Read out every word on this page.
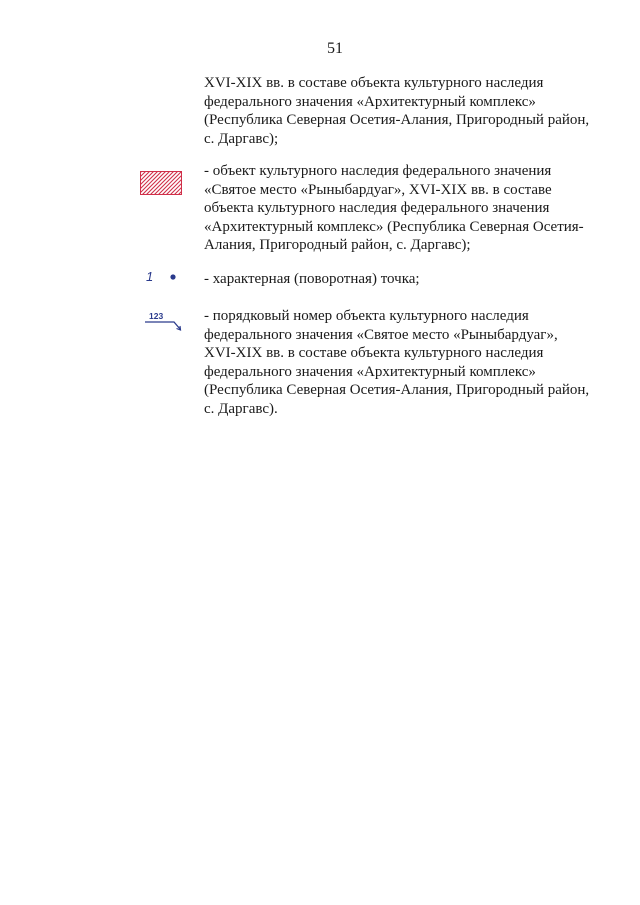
51
XVI-XIX вв. в составе объекта культурного наследия
федерального значения «Архитектурный комплекс»
(Республика Северная Осетия-Алания, Пригородный район,
с. Даргавс);
- объект культурного наследия федерального значения
«Святое место «Рыныбардуаг», XVI-XIX вв. в составе
объекта культурного наследия федерального значения
«Архитектурный комплекс» (Республика Северная Осетия-
Алания, Пригородный район, с. Даргавс);
1	- характерная (поворотная) точка;
123	- порядковый номер объекта культурного наследия
федерального значения «Святое место «Рыныбардуаг»,
XVI-XIX вв. в составе объекта культурного наследия
федерального значения «Архитектурный комплекс»
(Республика Северная Осетия-Алания, Пригородный район,
с. Даргавс).
